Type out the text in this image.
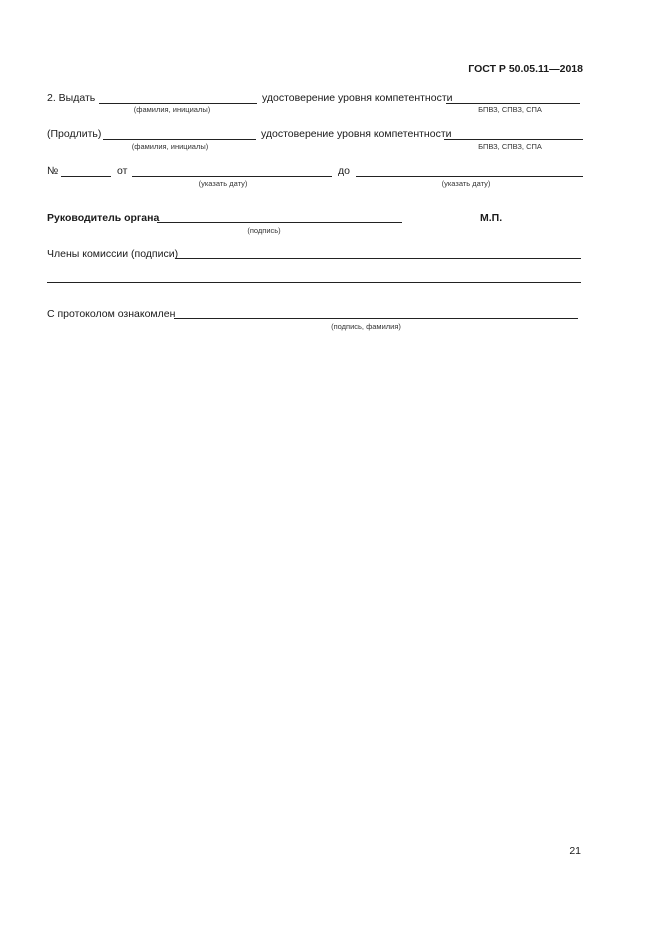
ГОСТ Р 50.05.11—2018
2. Выдать	удостоверение уровня компетентности
(фамилия, инициалы)	БПВЗ, СПВЗ, СПА
(Продлить)	удостоверение уровня компетентности
(фамилия, инициалы)	БПВЗ, СПВЗ, СПА
№	от	до
(указать дату)	(указать дату)
Руководитель органа	М.П.
(подпись)
Члены комиссии (подписи)
С протоколом ознакомлен
(подпись, фамилия)
21
